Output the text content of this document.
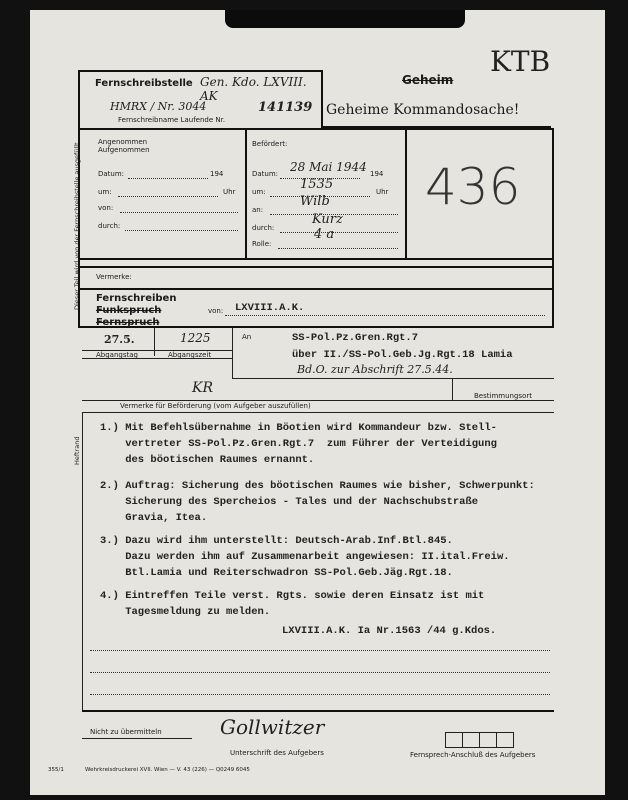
Dieser Teil wird von der Fernschreibstelle ausgefüllt
Heftrand
KTB
Geheim
Fernschreibstelle Gen. Kdo. LXVIII. AK
HMRX / Nr. 3044	141139
Fernschreibname Laufende Nr.
Geheime Kommandosache!
Angenommen
Aufgenommen
Datum:	194
um:	Uhr
von:
durch:
Befördert:
Datum: 28 Mai 1944 194
um:	1535	Uhr
an:
Wilb
durch:
Kurz
Rolle:
4 a
436
Vermerke:
Fernschreiben
Funkspruch
Fernspruch
von: LXVIII.A.K.
27.5.	1225
Abgangstag	Abgangszeit
An	SS-Pol.Pz.Gren.Rgt.7
über II./SS-Pol.Geb.Jg.Rgt.18 Lamia
Bd.O. zur Abschrift 27.5.44.
Bestimmungsort
KR
Vermerke für Beförderung (vom Aufgeber auszufüllen)
1.) Mit Befehlsübernahme in Böotien wird Kommandeur bzw. Stell-
vertreter SS-Pol.Pz.Gren.Rgt.7  zum Führer der Verteidigung
des böotischen Raumes ernannt.
2.) Auftrag: Sicherung des böotischen Raumes wie bisher, Schwerpunkt:
Sicherung des Spercheios - Tales und der Nachschubstraße
Gravia, Itea.
3.) Dazu wird ihm unterstellt: Deutsch-Arab.Inf.Btl.845.
Dazu werden ihm auf Zusammenarbeit angewiesen: II.ital.Freiw.
Btl.Lamia und Reiterschwadron SS-Pol.Geb.Jäg.Rgt.18.
4.) Eintreffen Teile verst. Rgts. sowie deren Einsatz ist mit
Tagesmeldung zu melden.
LXVIII.A.K. Ia Nr.1563 /44 g.Kdos.
Nicht zu übermitteln	Gollwitzer
Unterschrift des Aufgebers	Fernsprech-Anschluß des Aufgebers
355/1	Wehrkreisdruckerei XVII. Wien — V. 43 (226) — Q0249 6045
